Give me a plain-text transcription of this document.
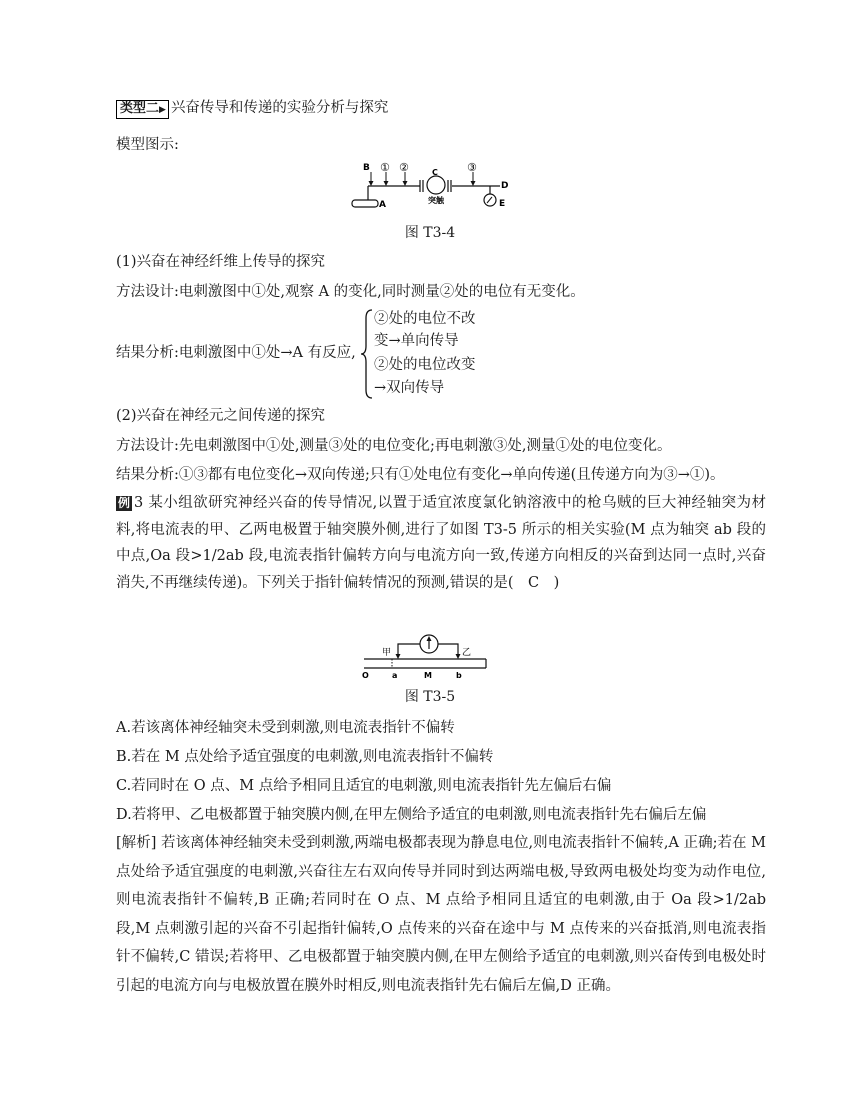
类型二▶ 兴奋传导和传递的实验分析与探究
模型图示:
B ① ②	C	③
D
A	E
突触
图 T3-4
(1)兴奋在神经纤维上传导的探究
方法设计:电刺激图中①处,观察 A 的变化,同时测量②处的电位有无变化。
结果分析:电刺激图中①处→A 有反应,
②处的电位不改
变→单向传导
②处的电位改变
→双向传导
(2)兴奋在神经元之间传递的探究
方法设计:先电刺激图中①处,测量③处的电位变化;再电刺激③处,测量①处的电位变化。
结果分析:①③都有电位变化→双向传递;只有①处电位有变化→单向传递(且传递方向为③→①)。
例 3 某小组欲研究神经兴奋的传导情况,以置于适宜浓度氯化钠溶液中的枪乌贼的巨大神经轴突为材料,将电流表的甲、乙两电极置于轴突膜外侧,进行了如图 T3-5 所示的相关实验(M 点为轴突 ab 段的中点,Oa 段>1/2ab 段,电流表指针偏转方向与电流方向一致,传递方向相反的兴奋到达同一点时,兴奋消失,不再继续传递)。下列关于指针偏转情况的预测,错误的是(　C　)
甲	乙
O	a	M	b
图 T3-5
A.若该离体神经轴突未受到刺激,则电流表指针不偏转
B.若在 M 点处给予适宜强度的电刺激,则电流表指针不偏转
C.若同时在 O 点、M 点给予相同且适宜的电刺激,则电流表指针先左偏后右偏
D.若将甲、乙电极都置于轴突膜内侧,在甲左侧给予适宜的电刺激,则电流表指针先右偏后左偏
[解析] 若该离体神经轴突未受到刺激,两端电极都表现为静息电位,则电流表指针不偏转,A 正确;若在 M 点处给予适宜强度的电刺激,兴奋往左右双向传导并同时到达两端电极,导致两电极处均变为动作电位,则电流表指针不偏转,B 正确;若同时在 O 点、M 点给予相同且适宜的电刺激,由于 Oa 段>1/2ab 段,M 点刺激引起的兴奋不引起指针偏转,O 点传来的兴奋在途中与 M 点传来的兴奋抵消,则电流表指针不偏转,C 错误;若将甲、乙电极都置于轴突膜内侧,在甲左侧给予适宜的电刺激,则兴奋传到电极处时引起的电流方向与电极放置在膜外时相反,则电流表指针先右偏后左偏,D 正确。
